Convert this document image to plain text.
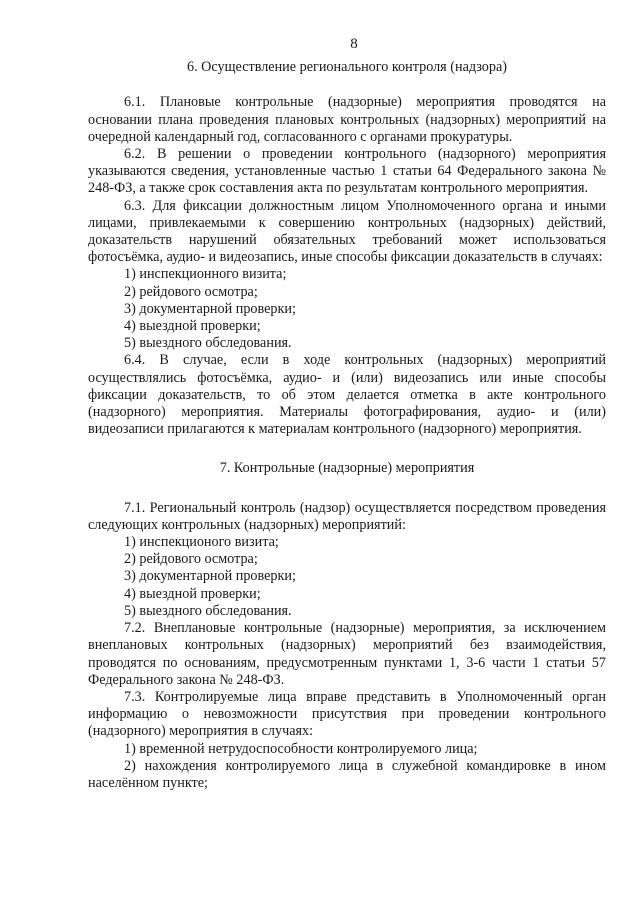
8

6. Осуществление регионального контроля (надзора)

6.1. Плановые контрольные (надзорные) мероприятия проводятся на основании плана проведения плановых контрольных (надзорных) мероприятий на очередной календарный год, согласованного с органами прокуратуры.

6.2. В решении о проведении контрольного (надзорного) мероприятия указываются сведения, установленные частью 1 статьи 64 Федерального закона № 248-ФЗ, а также срок составления акта по результатам контрольного мероприятия.

6.3. Для фиксации должностным лицом Уполномоченного органа и иными лицами, привлекаемыми к совершению контрольных (надзорных) действий, доказательств нарушений обязательных требований может использоваться фотосъёмка, аудио- и видеозапись, иные способы фиксации доказательств в случаях:

1) инспекционного визита;

2) рейдового осмотра;

3) документарной проверки;

4) выездной проверки;

5) выездного обследования.

6.4. В случае, если в ходе контрольных (надзорных) мероприятий осуществлялись фотосъёмка, аудио- и (или) видеозапись или иные способы фиксации доказательств, то об этом делается отметка в акте контрольного (надзорного) мероприятия. Материалы фотографирования, аудио- и (или) видеозаписи прилагаются к материалам контрольного (надзорного) мероприятия.

7. Контрольные (надзорные) мероприятия

7.1. Региональный контроль (надзор) осуществляется посредством проведения следующих контрольных (надзорных) мероприятий:

1) инспекционого визита;

2) рейдового осмотра;

3) документарной проверки;

4) выездной проверки;

5) выездного обследования.

7.2. Внеплановые контрольные (надзорные) мероприятия, за исключением внеплановых контрольных (надзорных) мероприятий без взаимодействия, проводятся по основаниям, предусмотренным пунктами 1, 3-6 части 1 статьи 57 Федерального закона № 248-ФЗ.

7.3. Контролируемые лица вправе представить в Уполномоченный орган информацию о невозможности присутствия при проведении контрольного (надзорного) мероприятия в случаях:

1) временной нетрудоспособности контролируемого лица;

2) нахождения контролируемого лица в служебной командировке в ином населённом пункте;
